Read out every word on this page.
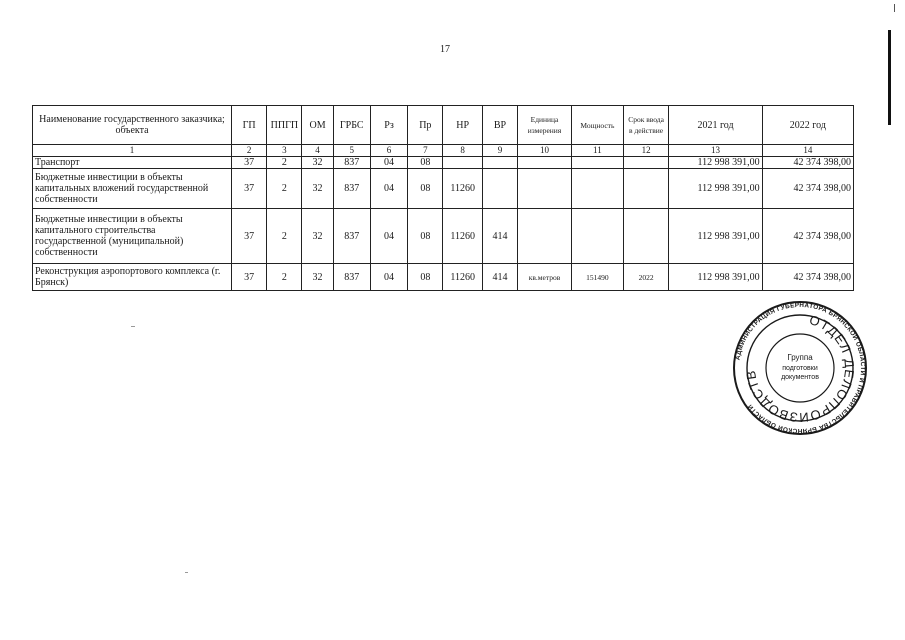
17
Наименование государственного заказчика; объекта	ГП	ППГП	ОМ	ГРБС	Рз	Пр	НР	ВР	Единица измерения	Мощность	Срок ввода в действие	2021 год	2022 год
1	2	3	4	5	6	7	8	9	10	11	12	13	14
Транспорт	37	2	32	837	04	08						112 998 391,00	42 374 398,00
Бюджетные инвестиции в объекты капитальных вложений государственной собственности	37	2	32	837	04	08	11260					112 998 391,00	42 374 398,00
Бюджетные инвестиции в объекты капитального строительства государственной (муниципальной) собственности	37	2	32	837	04	08	11260	414				112 998 391,00	42 374 398,00
Реконструкция аэропортового комплекса (г. Брянск)	37	2	32	837	04	08	11260	414	кв.метров	151490	2022	112 998 391,00	42 374 398,00
АДМИНИСТРАЦИЯ ГУБЕРНАТОРА БРЯНСКОЙ ОБЛАСТИ И ПРАВИТЕЛЬСТВА БРЯНСКОЙ ОБЛАСТИ
ОТДЕЛ ДЕЛОПРОИЗВОДСТВ
Группа
подготовки
документов
